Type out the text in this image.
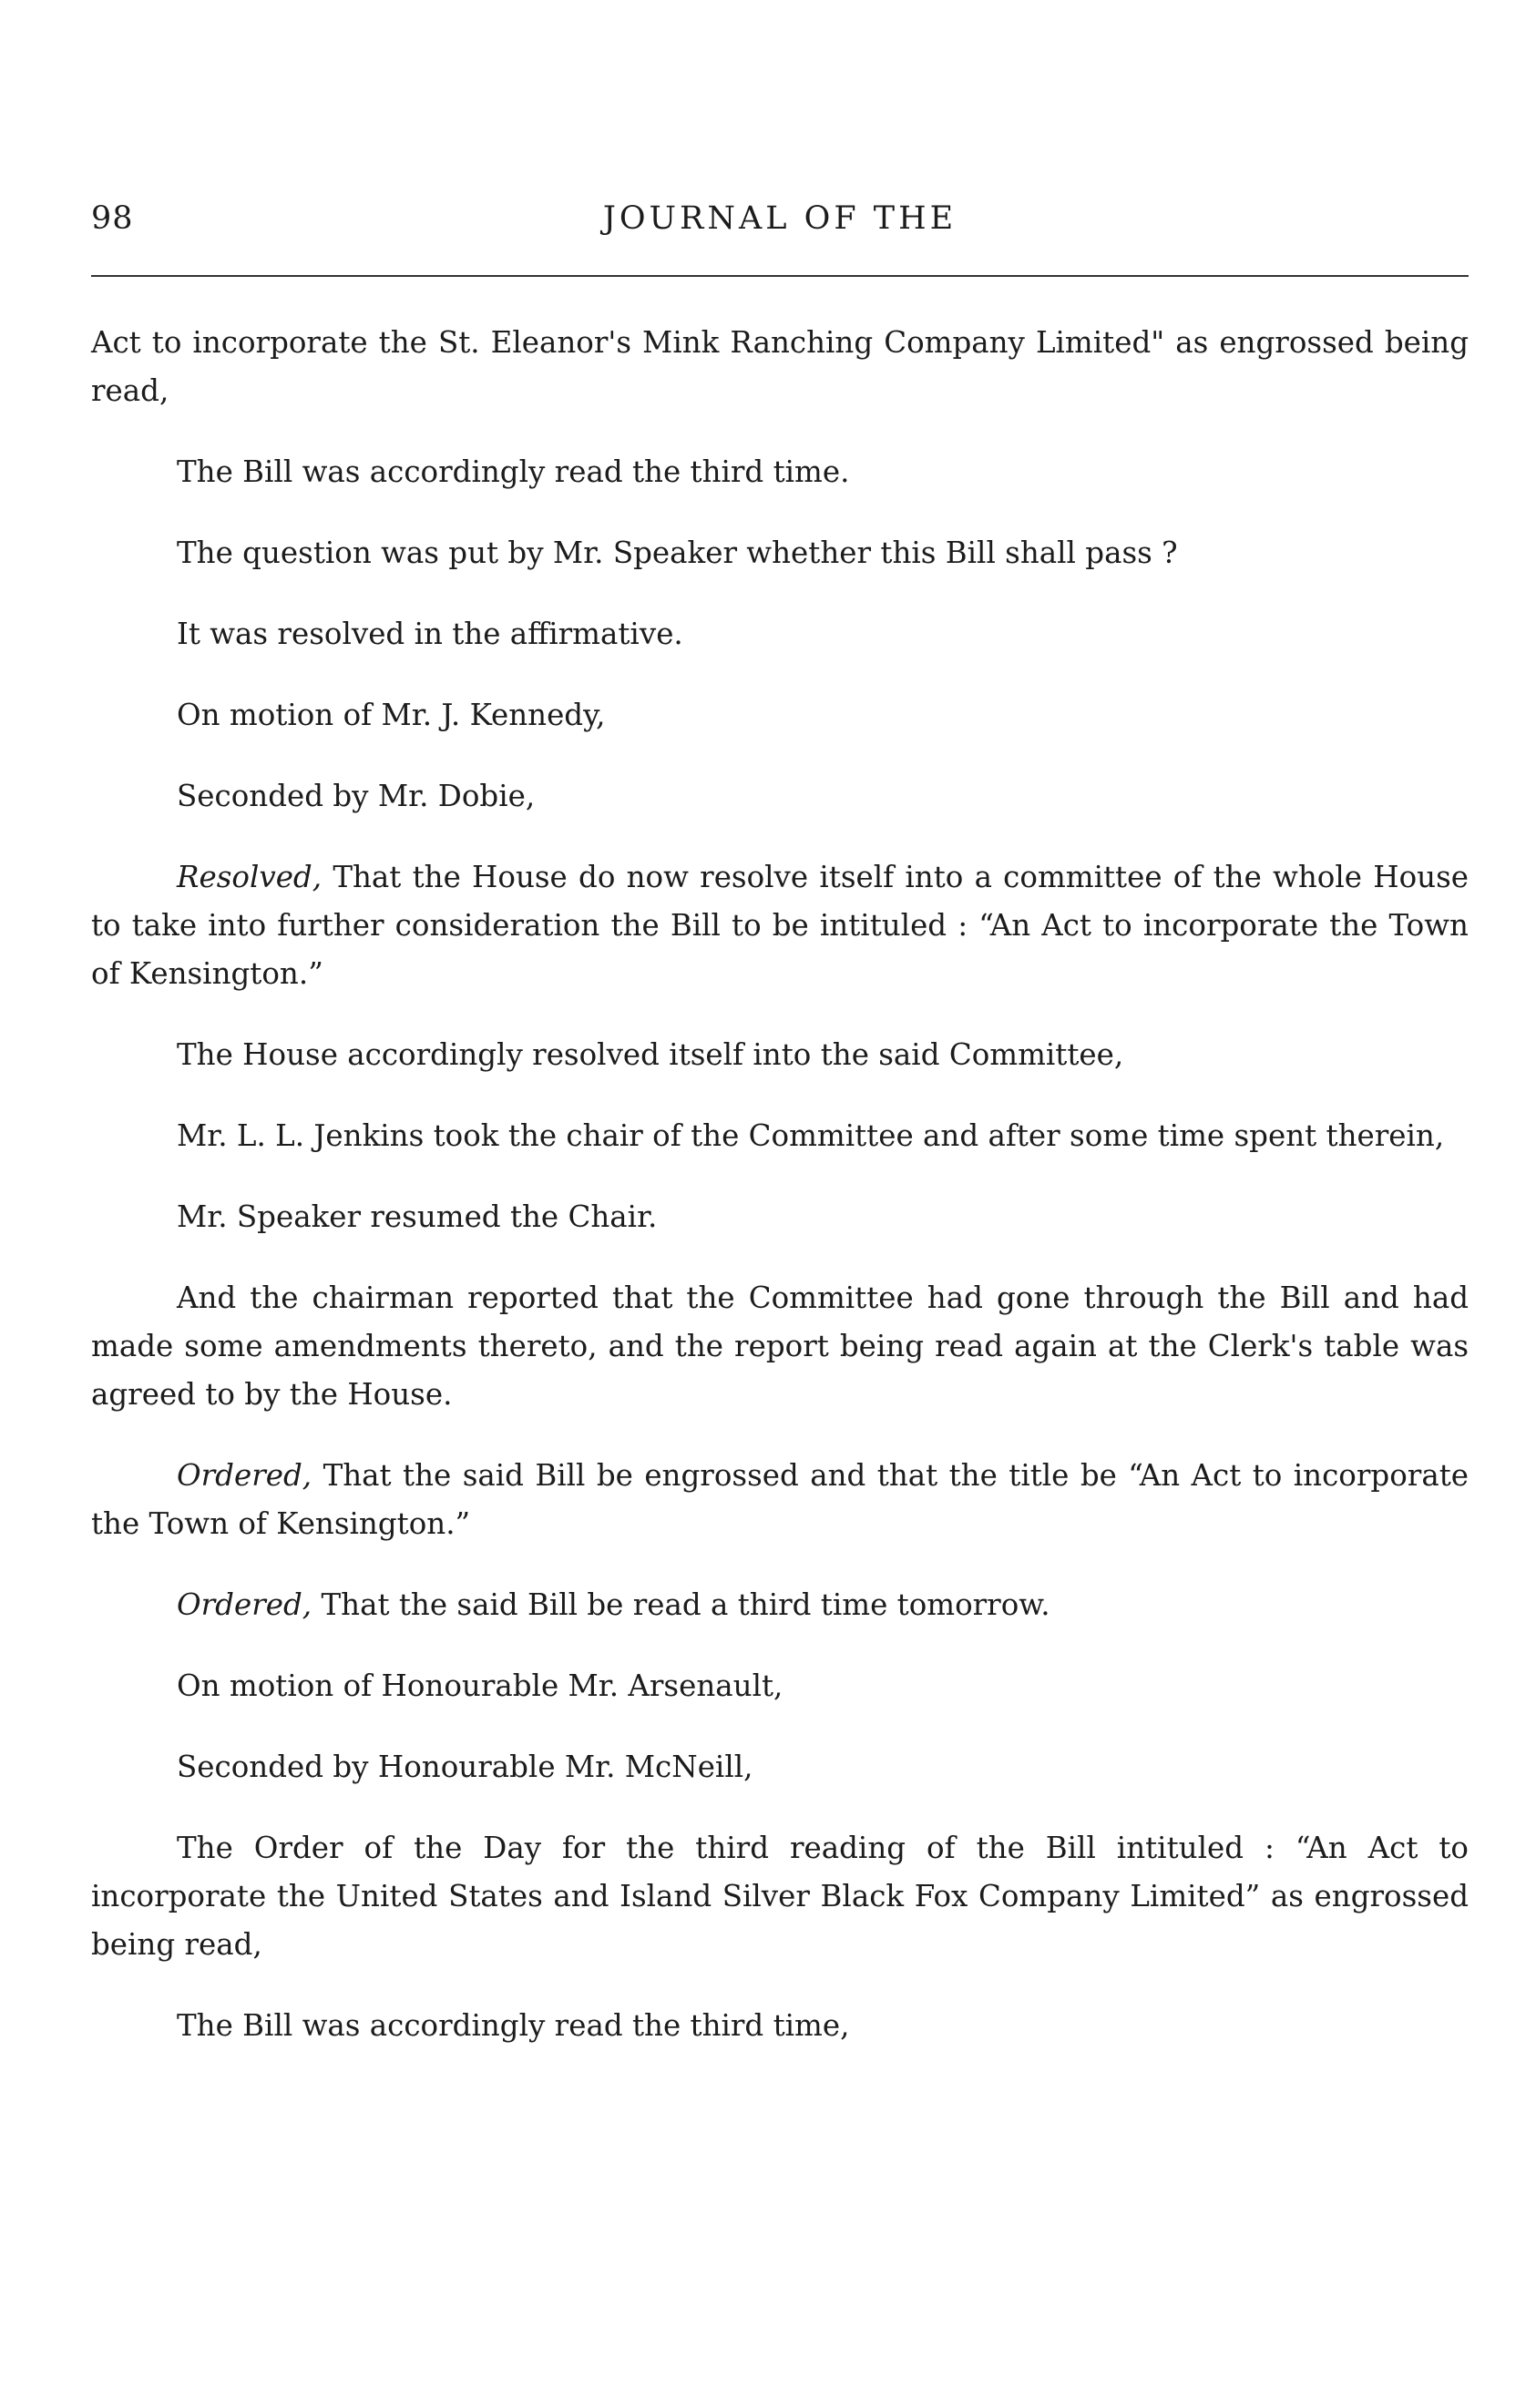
98	JOURNAL OF THE

Act to incorporate the St. Eleanor's Mink Ranching Company Limited" as engrossed being read,

The Bill was accordingly read the third time.

The question was put by Mr. Speaker whether this Bill shall pass ?

It was resolved in the affirmative.

On motion of Mr. J. Kennedy,

Seconded by Mr. Dobie,

Resolved, That the House do now resolve itself into a committee of the whole House to take into further consideration the Bill to be intituled : “An Act to incorporate the Town of Kensington.”

The House accordingly resolved itself into the said Committee,

Mr. L. L. Jenkins took the chair of the Committee and after some time spent therein,

Mr. Speaker resumed the Chair.

And the chairman reported that the Committee had gone through the Bill and had made some amendments thereto, and the report being read again at the Clerk's table was agreed to by the House.

Ordered, That the said Bill be engrossed and that the title be “An Act to incorporate the Town of Kensington.”

Ordered, That the said Bill be read a third time tomorrow.

On motion of Honourable Mr. Arsenault,

Seconded by Honourable Mr. McNeill,

The Order of the Day for the third reading of the Bill intituled : “An Act to incorporate the United States and Island Silver Black Fox Company Limited” as engrossed being read,

The Bill was accordingly read the third time,
